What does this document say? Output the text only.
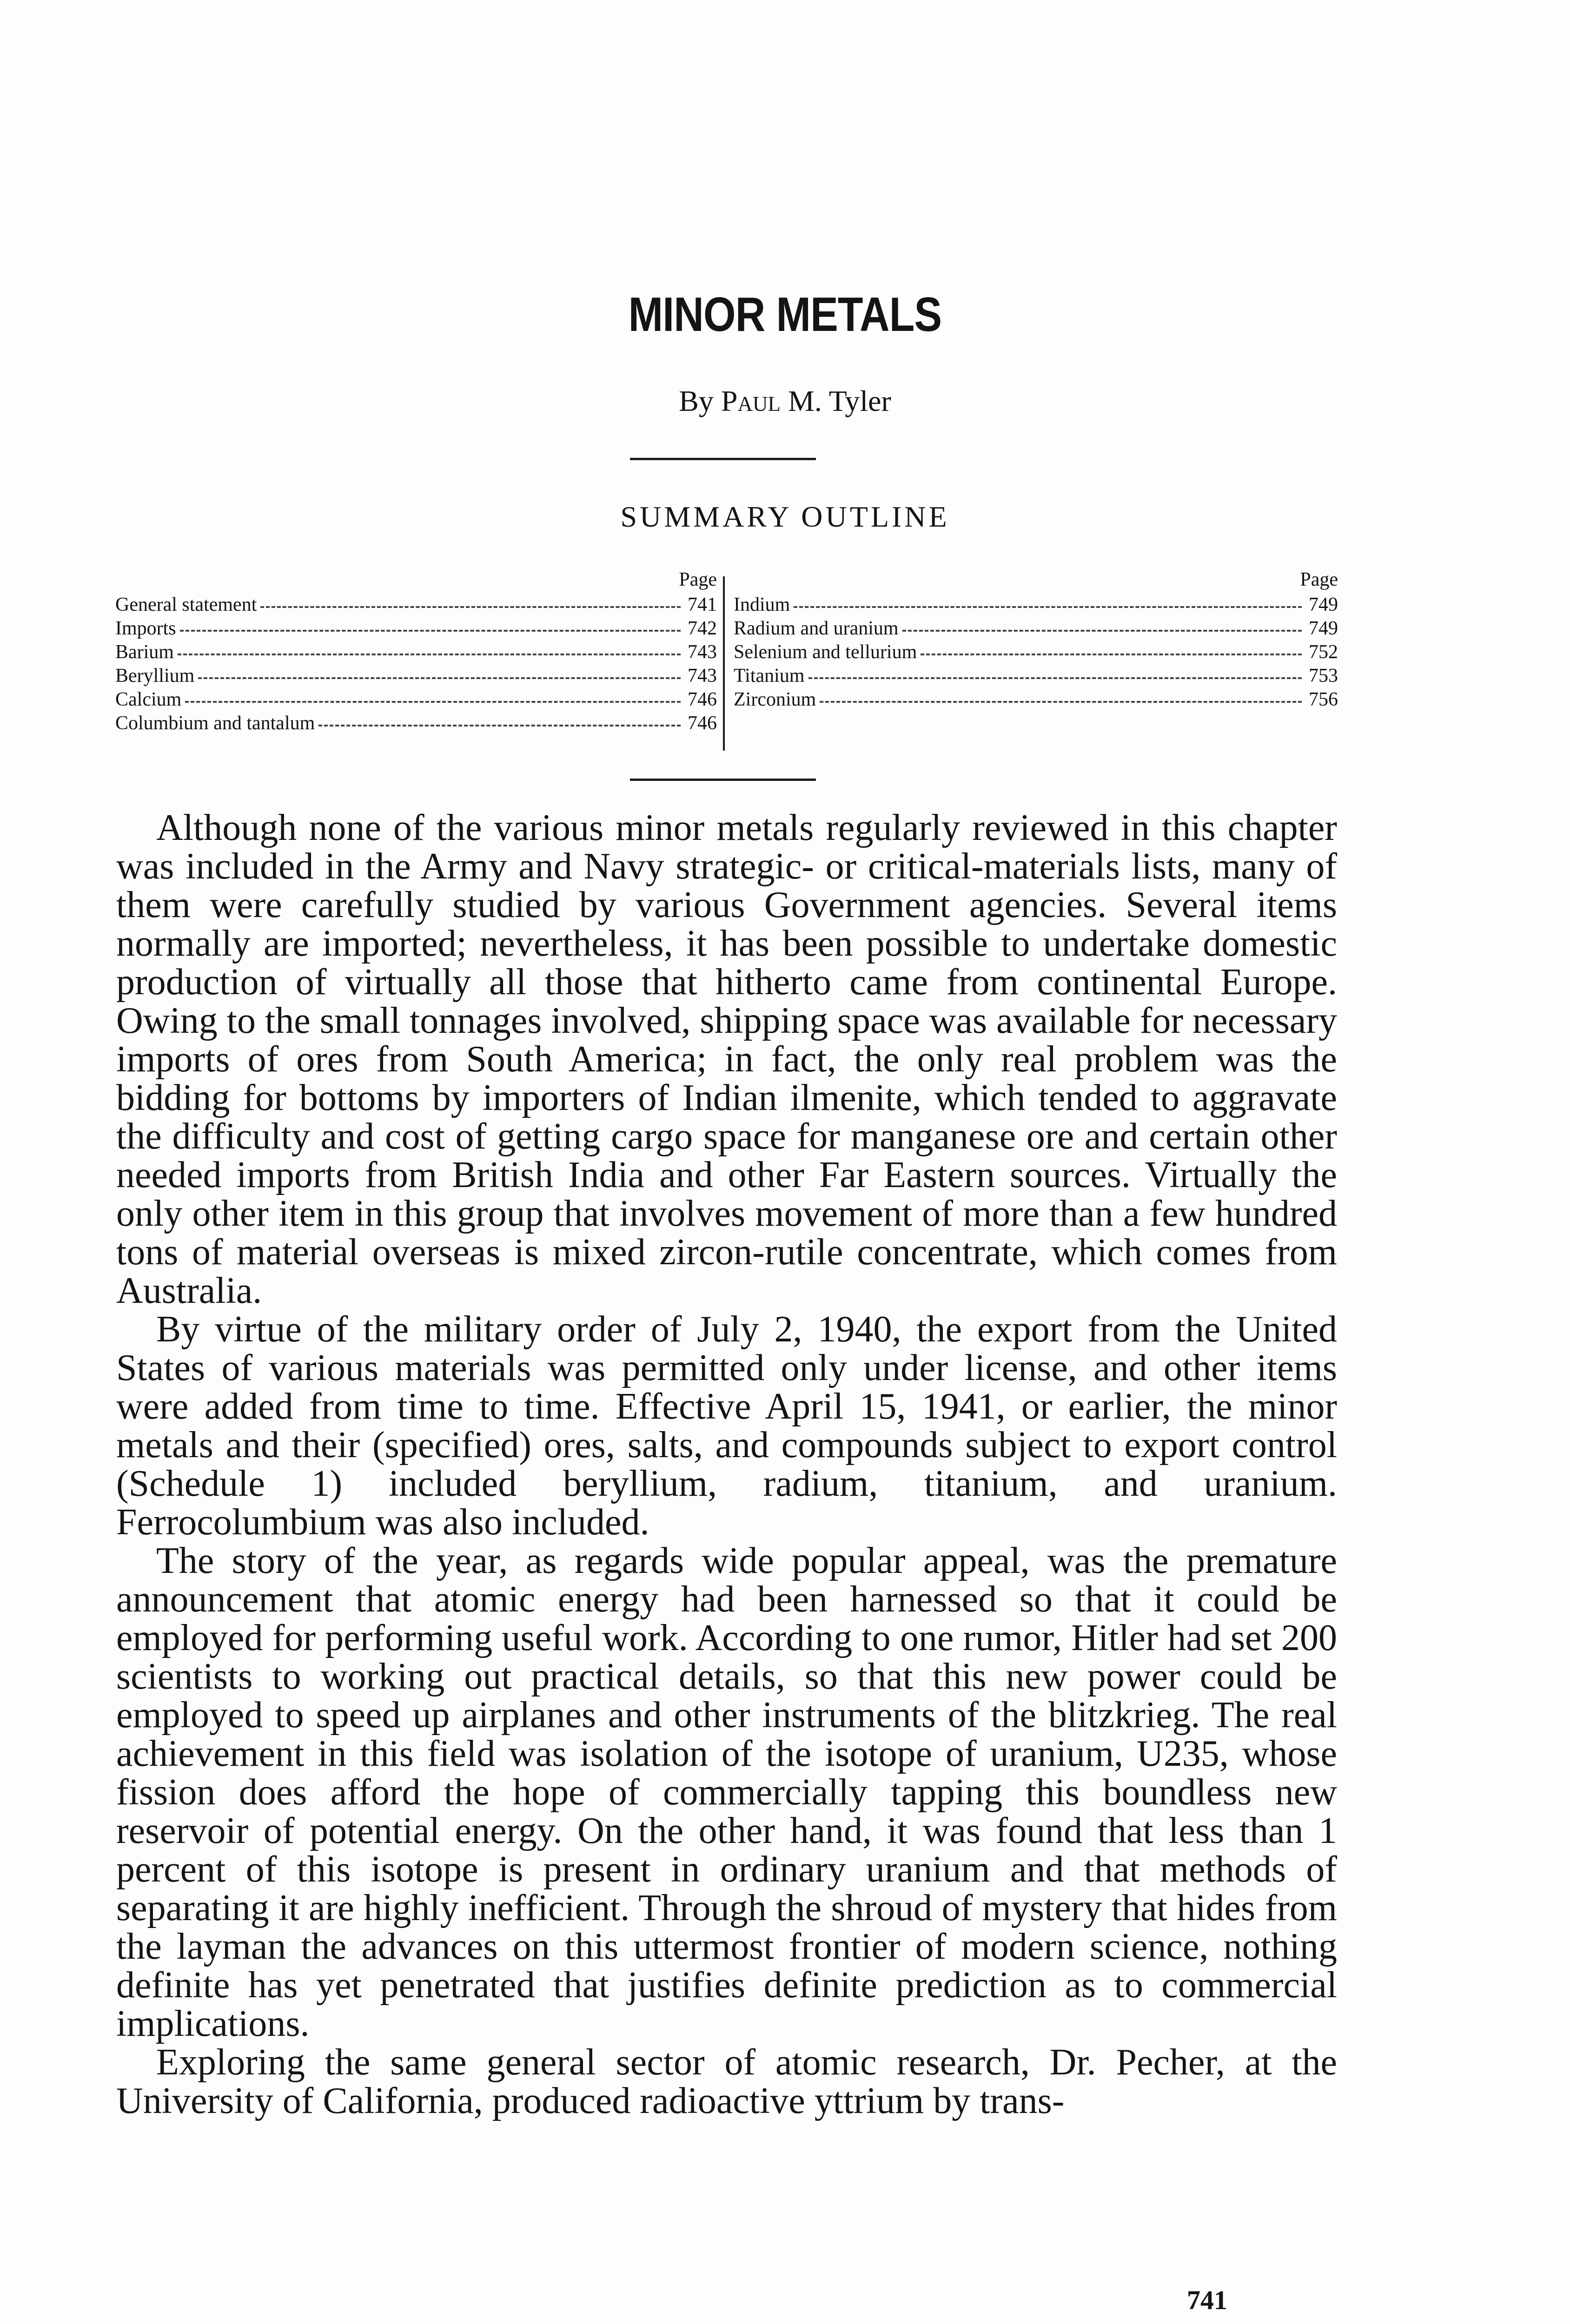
MINOR METALS
By Paul M. Tyler
SUMMARY OUTLINE
Page
General statement	741
Imports	742
Barium	743
Beryllium	743
Calcium	746
Columbium and tantalum	746
Page
Indium	749
Radium and uranium	749
Selenium and tellurium	752
Titanium	753
Zirconium	756

Although none of the various minor metals regularly reviewed in this chapter was included in the Army and Navy strategic- or critical-materials lists, many of them were carefully studied by various Government agencies. Several items normally are imported; nevertheless, it has been possible to undertake domestic production of virtually all those that hitherto came from continental Europe. Owing to the small tonnages involved, shipping space was available for necessary imports of ores from South America; in fact, the only real problem was the bidding for bottoms by importers of Indian ilmenite, which tended to aggravate the difficulty and cost of getting cargo space for manganese ore and certain other needed imports from British India and other Far Eastern sources. Virtually the only other item in this group that involves movement of more than a few hundred tons of material overseas is mixed zircon-rutile concentrate, which comes from Australia.

By virtue of the military order of July 2, 1940, the export from the United States of various materials was permitted only under license, and other items were added from time to time. Effective April 15, 1941, or earlier, the minor metals and their (specified) ores, salts, and compounds subject to export control (Schedule 1) included beryllium, radium, titanium, and uranium. Ferrocolumbium was also included.

The story of the year, as regards wide popular appeal, was the premature announcement that atomic energy had been harnessed so that it could be employed for performing useful work. According to one rumor, Hitler had set 200 scientists to working out practical details, so that this new power could be employed to speed up airplanes and other instruments of the blitzkrieg. The real achievement in this field was isolation of the isotope of uranium, U235, whose fission does afford the hope of commercially tapping this boundless new reservoir of potential energy. On the other hand, it was found that less than 1 percent of this isotope is present in ordinary uranium and that methods of separating it are highly inefficient. Through the shroud of mystery that hides from the layman the advances on this uttermost frontier of modern science, nothing definite has yet penetrated that justifies definite prediction as to commercial implications.

Exploring the same general sector of atomic research, Dr. Pecher, at the University of California, produced radioactive yttrium by trans-

741
